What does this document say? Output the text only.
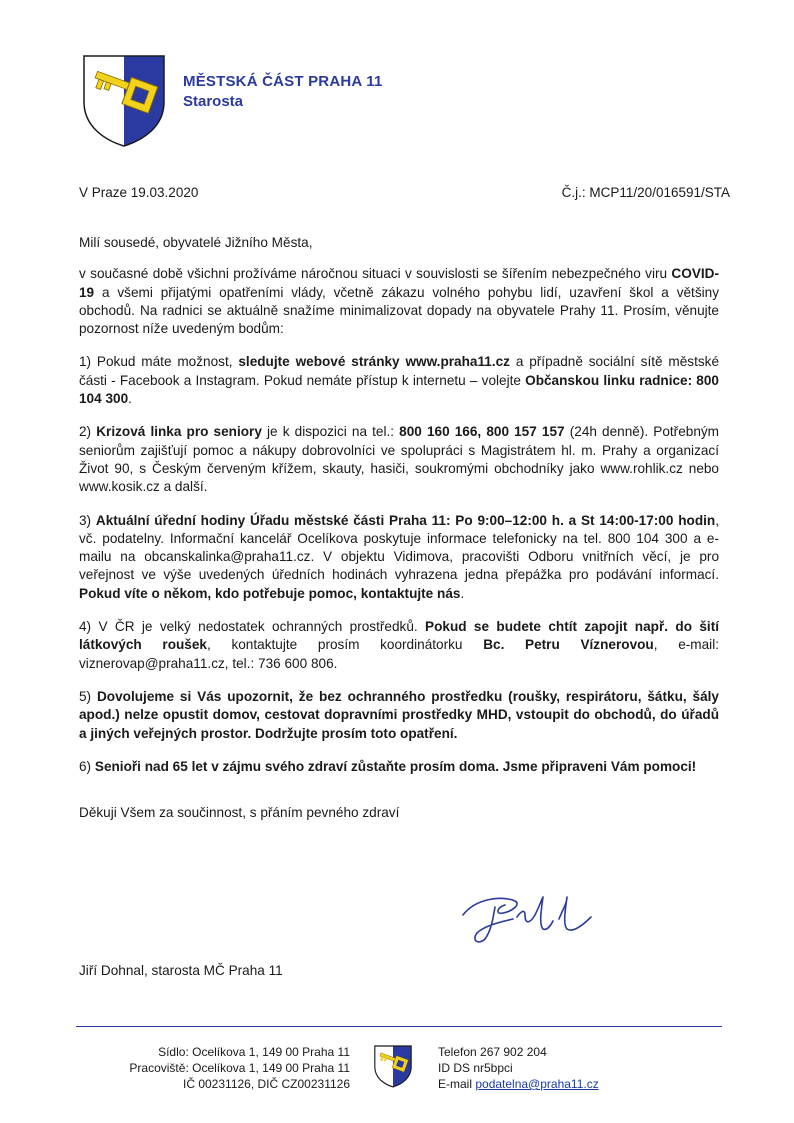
MĚSTSKÁ ČÁST PRAHA 11
Starosta
V Praze 19.03.2020	Č.j.: MCP11/20/016591/STA

Milí sousedé, obyvatelé Jižního Města,

v současné době všichni prožíváme náročnou situaci v souvislosti se šířením nebezpečného viru COVID-19 a všemi přijatými opatřeními vlády, včetně zákazu volného pohybu lidí, uzavření škol a většiny obchodů. Na radnici se aktuálně snažíme minimalizovat dopady na obyvatele Prahy 11. Prosím, věnujte pozornost níže uvedeným bodům:

1) Pokud máte možnost, sledujte webové stránky www.praha11.cz a případně sociální sítě městské části - Facebook a Instagram. Pokud nemáte přístup k internetu – volejte Občanskou linku radnice: 800 104 300.

2) Krizová linka pro seniory je k dispozici na tel.: 800 160 166, 800 157 157 (24h denně). Potřebným seniorům zajišťují pomoc a nákupy dobrovolníci ve spolupráci s Magistrátem hl. m. Prahy a organizací Život 90, s Českým červeným křížem, skauty, hasiči, soukromými obchodníky jako www.rohlik.cz nebo www.kosik.cz a další.

3) Aktuální úřední hodiny Úřadu městské části Praha 11: Po 9:00–12:00 h. a St 14:00-17:00 hodin, vč. podatelny. Informační kancelář Ocelíkova poskytuje informace telefonicky na tel. 800 104 300 a e-mailu na obcanskalinka@praha11.cz. V objektu Vidimova, pracovišti Odboru vnitřních věcí, je pro veřejnost ve výše uvedených úředních hodinách vyhrazena jedna přepážka pro podávání informací. Pokud víte o někom, kdo potřebuje pomoc, kontaktujte nás.

4) V ČR je velký nedostatek ochranných prostředků. Pokud se budete chtít zapojit např. do šití látkových roušek, kontaktujte prosím koordinátorku Bc. Petru Víznerovou, e-mail: viznerovap@praha11.cz, tel.: 736 600 806.

5) Dovolujeme si Vás upozornit, že bez ochranného prostředku (roušky, respirátoru, šátku, šály apod.) nelze opustit domov, cestovat dopravními prostředky MHD, vstoupit do obchodů, do úřadů a jiných veřejných prostor. Dodržujte prosím toto opatření.

6) Senioři nad 65 let v zájmu svého zdraví zůstaňte prosím doma. Jsme připraveni Vám pomoci!

Děkuji Všem za součinnost, s přáním pevného zdraví

Jiří Dohnal, starosta MČ Praha 11
Sídlo: Ocelíkova 1, 149 00 Praha 11
Pracoviště: Ocelíkova 1, 149 00 Praha 11
IČ 00231126, DIČ CZ00231126
Telefon 267 902 204
ID DS nr5bpci
E-mail podatelna@praha11.cz
